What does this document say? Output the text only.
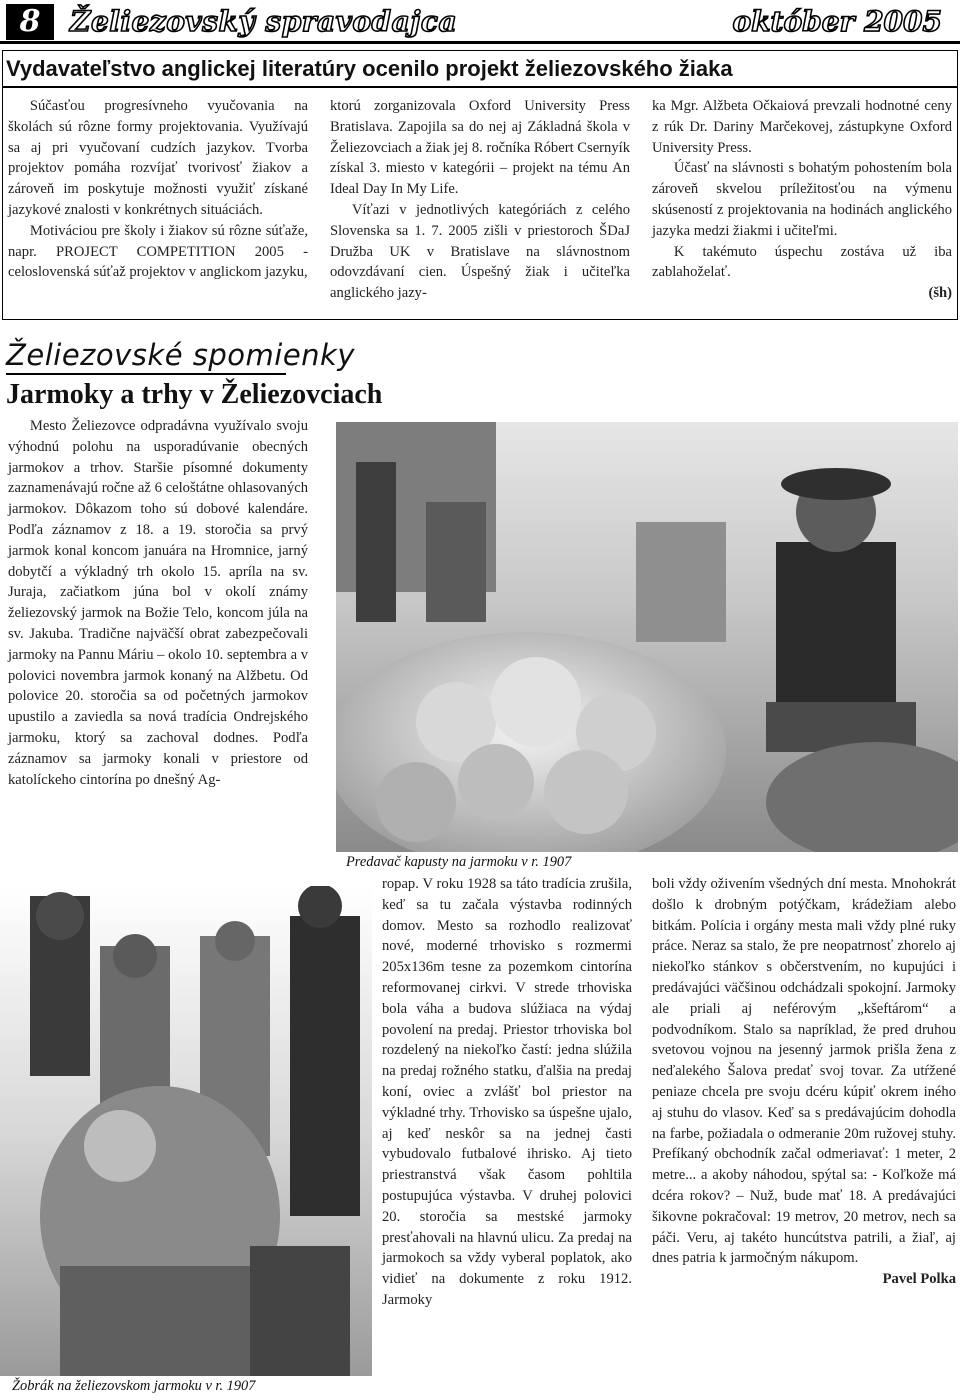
8	Želiezovský spravodajca	október 2005
Vydavateľstvo anglickej literatúry ocenilo projekt želiezovského žiaka

Súčasťou progresívneho vyučovania na školách sú rôzne formy projektovania. Využívajú sa aj pri vyučovaní cudzích jazykov. Tvorba projektov pomáha rozvíjať tvorivosť žiakov a zároveň im poskytuje možnosti využiť získané jazykové znalosti v konkrétnych situáciách.

Motiváciou pre školy i žiakov sú rôzne súťaže, napr. PROJECT COMPETITION 2005 - celoslovenská súťaž projektov v anglickom jazyku,

ktorú zorganizovala Oxford University Press Bratislava. Zapojila sa do nej aj Základná škola v Želiezovciach a žiak jej 8. ročníka Róbert Csernyík získal 3. miesto v kategórii – projekt na tému An Ideal Day In My Life.

Víťazi v jednotlivých kategóriách z celého Slovenska sa 1. 7. 2005 zišli v priestoroch ŠDaJ Družba UK v Bratislave na slávnostnom odovzdávaní cien. Úspešný žiak i učiteľka anglického jazy-

ka Mgr. Alžbeta Očkaiová prevzali hodnotné ceny z rúk Dr. Dariny Marčekovej, zástupkyne Oxford University Press.

Účasť na slávnosti s bohatým pohostením bola zároveň skvelou príležitosťou na výmenu skúseností z projektovania na hodinách anglického jazyka medzi žiakmi i učiteľmi.

K takémuto úspechu zostáva už iba zablahoželať.

(šh)

Želiezovské spomienky
Jarmoky a trhy v Želiezovciach
Predavač kapusty na jarmoku v r. 1907

Mesto Želiezovce odpradávna využívalo svoju výhodnú polohu na usporadúvanie obecných jarmokov a trhov. Staršie písomné dokumenty zaznamenávajú ročne až 6 celoštátne ohlasovaných jarmokov. Dôkazom toho sú dobové kalendáre. Podľa záznamov z 18. a 19. storočia sa prvý jarmok konal koncom januára na Hromnice, jarný dobytčí a výkladný trh okolo 15. apríla na sv. Juraja, začiatkom júna bol v okolí známy želiezovský jarmok na Božie Telo, koncom júla na sv. Jakuba. Tradične najväčší obrat zabezpečovali jarmoky na Pannu Máriu – okolo 10. septembra a v polovici novembra jarmok konaný na Alžbetu. Od polovice 20. storočia sa od početných jarmokov upustilo a zaviedla sa nová tradícia Ondrejského jarmoku, ktorý sa zachoval dodnes. Podľa záznamov sa jarmoky konali v priestore od katolíckeho cintorína po dnešný Ag-

Žobrák na želiezovskom jarmoku v r. 1907

ropap. V roku 1928 sa táto tradícia zrušila, keď sa tu začala výstavba rodinných domov. Mesto sa rozhodlo realizovať nové, moderné trhovisko s rozmermi 205x136m tesne za pozemkom cintorína reformovanej cirkvi. V strede trhoviska bola váha a budova slúžiaca na výdaj povolení na predaj. Priestor trhoviska bol rozdelený na niekoľko častí: jedna slúžila na predaj rožného statku, ďalšia na predaj koní, oviec a zvlášť bol priestor na výkladné trhy. Trhovisko sa úspešne ujalo, aj keď neskôr sa na jednej časti vybudovalo futbalové ihrisko. Aj tieto priestranstvá však časom pohltila postupujúca výstavba. V druhej polovici 20. storočia sa mestské jarmoky presťahovali na hlavnú ulicu. Za predaj na jarmokoch sa vždy vyberal poplatok, ako vidieť na dokumente z roku 1912. Jarmoky

boli vždy oživením všedných dní mesta. Mnohokrát došlo k drobným potýčkam, krádežiam alebo bitkám. Polícia i orgány mesta mali vždy plné ruky práce. Neraz sa stalo, že pre neopatrnosť zhorelo aj niekoľko stánkov s občerstvením, no kupujúci i predávajúci väčšinou odchádzali spokojní. Jarmoky ale priali aj neférovým „kšeftárom“ a podvodníkom. Stalo sa napríklad, že pred druhou svetovou vojnou na jesenný jarmok prišla žena z neďalekého Šalova predať svoj tovar. Za utŕžené peniaze chcela pre svoju dcéru kúpiť okrem iného aj stuhu do vlasov. Keď sa s predávajúcim dohodla na farbe, požiadala o odmeranie 20m ružovej stuhy. Prefíkaný obchodník začal odmeriavať: 1 meter, 2 metre... a akoby náhodou, spýtal sa: - Koľkože má dcéra rokov? – Nuž, bude mať 18. A predávajúci šikovne pokračoval: 19 metrov, 20 metrov, nech sa páči. Veru, aj takéto huncútstva patrili, a žiaľ, aj dnes patria k jarmočným nákupom.

Pavel Polka
